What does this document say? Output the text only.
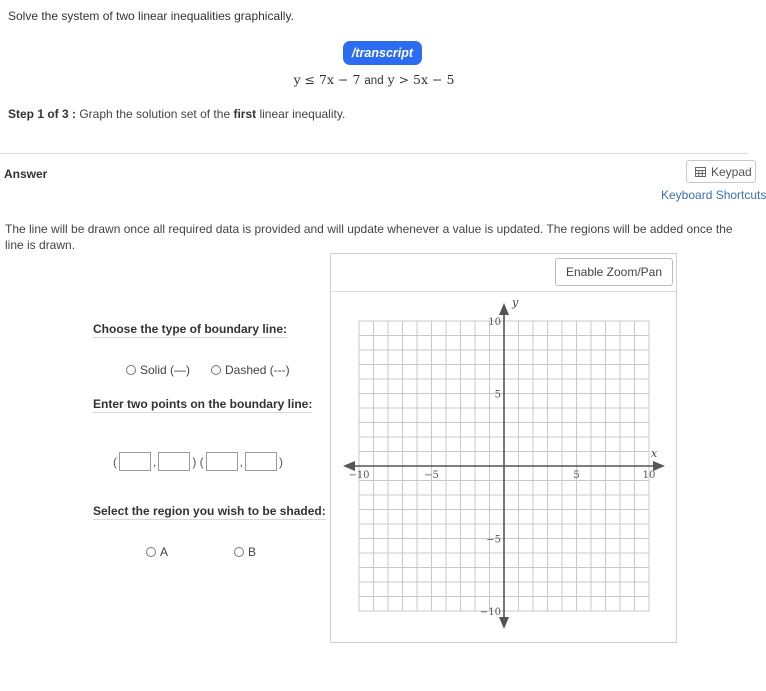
Solve the system of two linear inequalities graphically.
/transcript
y ≤ 7x − 7 and y > 5x − 5
Step 1 of 3 : Graph the solution set of the first linear inequality.
Answer	Keypad
Keyboard Shortcuts
The line will be drawn once all required data is provided and will update whenever a value is updated. The regions will be added once the line is drawn.
Enable Zoom/Pan
Choose the type of boundary line:
Solid (—)	Dashed (---)
Enter two points on the boundary line:
(	,	) (	,	)
Select the region you wish to be shaded:
A	B
x
y
−10	−5	5	10
10
5
−5
−10
